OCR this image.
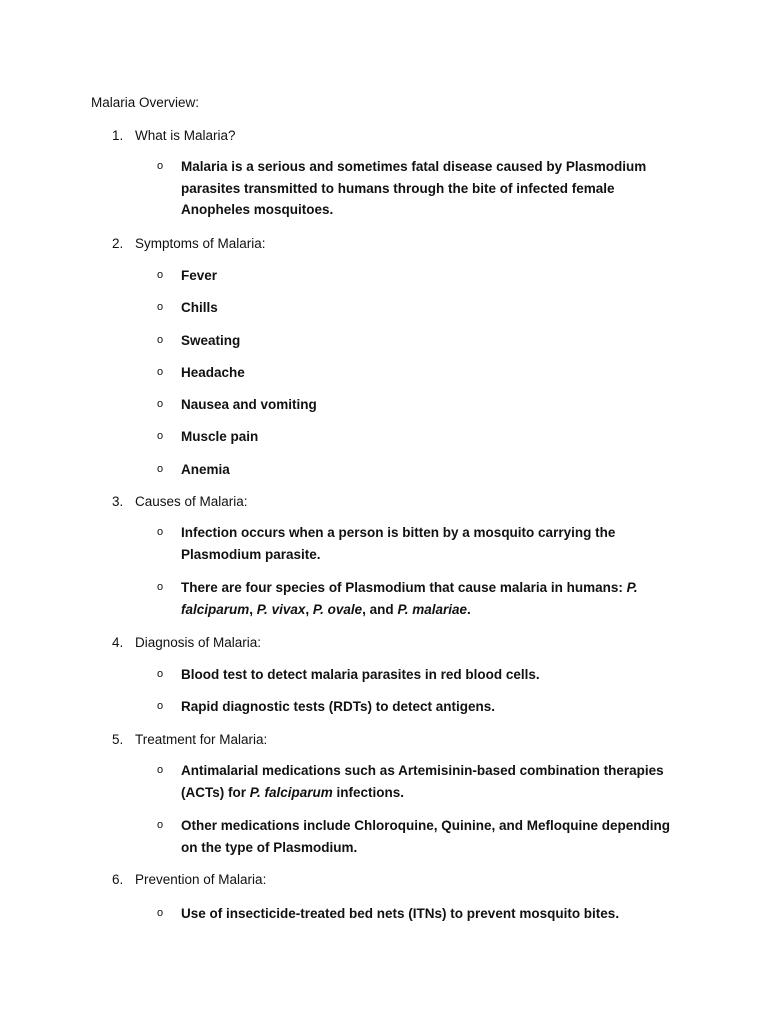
Malaria Overview:
1. What is Malaria?
o Malaria is a serious and sometimes fatal disease caused by Plasmodium parasites transmitted to humans through the bite of infected female Anopheles mosquitoes.
2. Symptoms of Malaria:
o Fever
o Chills
o Sweating
o Headache
o Nausea and vomiting
o Muscle pain
o Anemia
3. Causes of Malaria:
o Infection occurs when a person is bitten by a mosquito carrying the Plasmodium parasite.
o There are four species of Plasmodium that cause malaria in humans: P. falciparum, P. vivax, P. ovale, and P. malariae.
4. Diagnosis of Malaria:
o Blood test to detect malaria parasites in red blood cells.
o Rapid diagnostic tests (RDTs) to detect antigens.
5. Treatment for Malaria:
o Antimalarial medications such as Artemisinin-based combination therapies (ACTs) for P. falciparum infections.
o Other medications include Chloroquine, Quinine, and Mefloquine depending on the type of Plasmodium.
6. Prevention of Malaria:
o Use of insecticide-treated bed nets (ITNs) to prevent mosquito bites.
